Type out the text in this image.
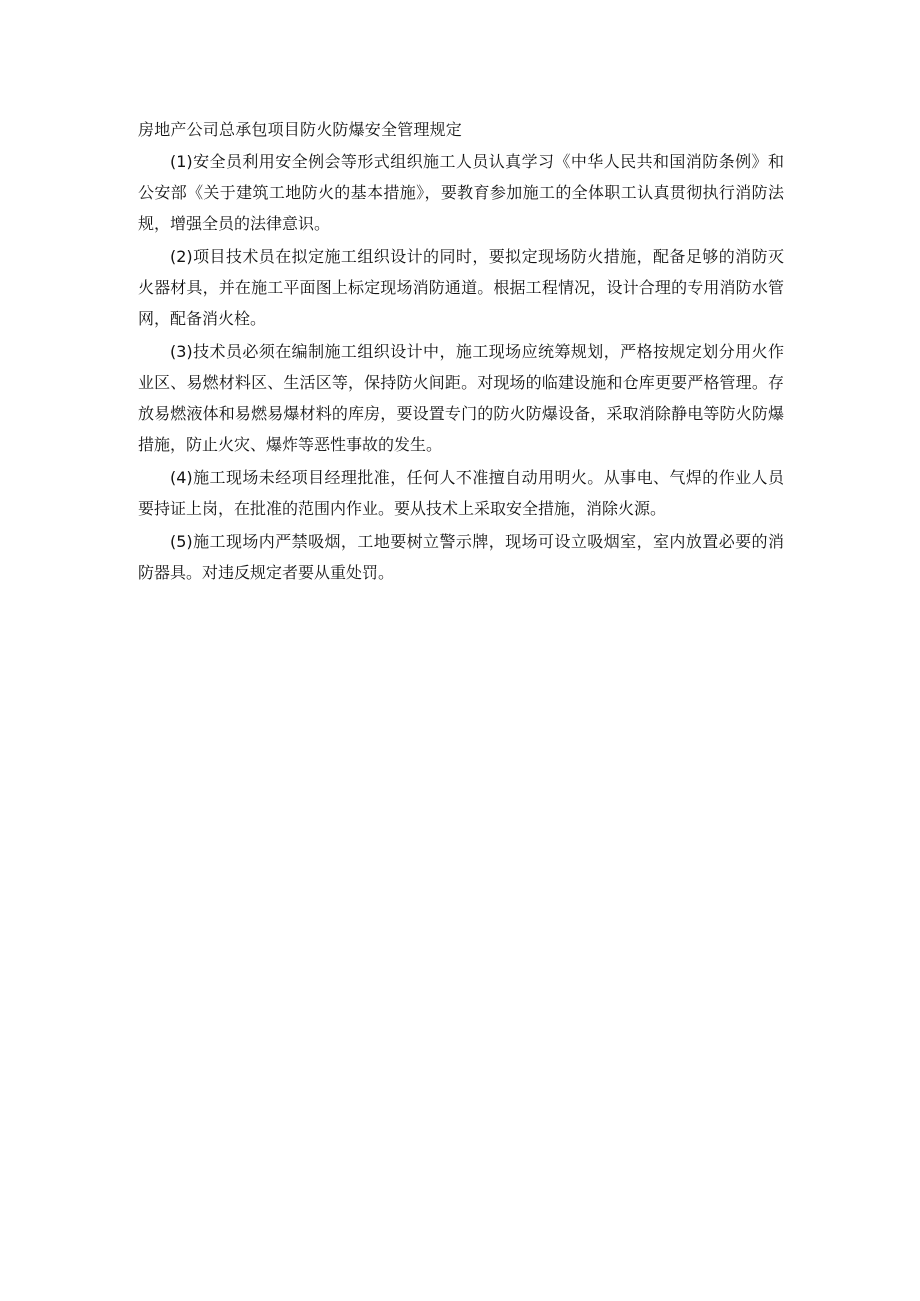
房地产公司总承包项目防火防爆安全管理规定

(1)安全员利用安全例会等形式组织施工人员认真学习《中华人民共和国消防条例》和公安部《关于建筑工地防火的基本措施》，要教育参加施工的全体职工认真贯彻执行消防法规，增强全员的法律意识。

(2)项目技术员在拟定施工组织设计的同时，要拟定现场防火措施，配备足够的消防灭火器材具，并在施工平面图上标定现场消防通道。根据工程情况，设计合理的专用消防水管网，配备消火栓。

(3)技术员必须在编制施工组织设计中，施工现场应统筹规划，严格按规定划分用火作业区、易燃材料区、生活区等，保持防火间距。对现场的临建设施和仓库更要严格管理。存放易燃液体和易燃易爆材料的库房，要设置专门的防火防爆设备，采取消除静电等防火防爆措施，防止火灾、爆炸等恶性事故的发生。

(4)施工现场未经项目经理批准，任何人不准擅自动用明火。从事电、气焊的作业人员要持证上岗，在批准的范围内作业。要从技术上采取安全措施，消除火源。

(5)施工现场内严禁吸烟，工地要树立警示牌，现场可设立吸烟室，室内放置必要的消防器具。对违反规定者要从重处罚。
